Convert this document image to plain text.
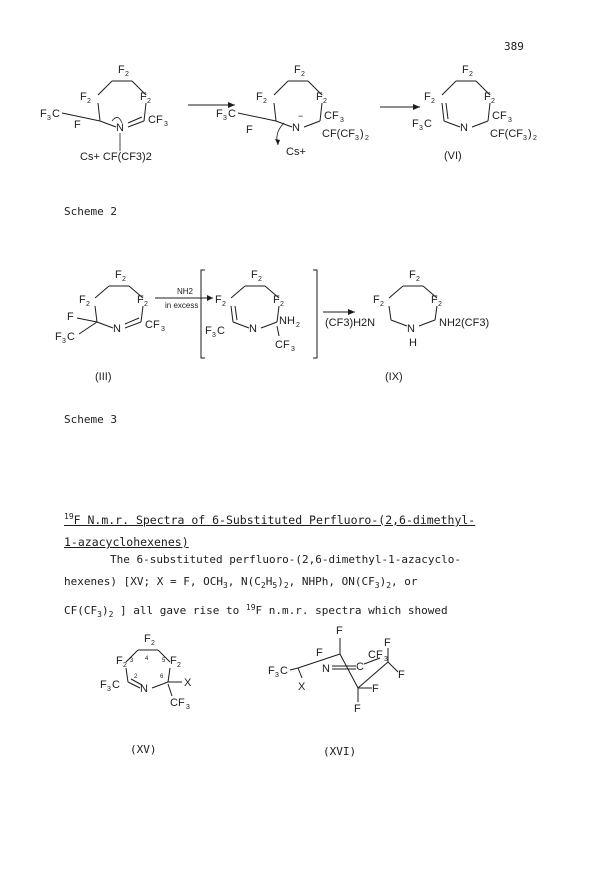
389
F 2
F 2	F 2
F 3 C
F	N
CF 3
Cs+ CF(CF3)2
F 2
F 2	F 2
F 3 C
F	N
− CF 3
CF(CF 3 ) 2
Cs+
F 2
F 2	F 2
F 3 C	N
CF 3
CF(CF 3 ) 2
(VI)
Scheme 2
F 2
F 2	F 2
F
F 3 C
N CF 3
(III)
NH2
in excess
F 2
F 2	F 2
F 3 C N
NH 2
CF 3
F 2
F 2	F 2
(CF3)H2N	N
H
NH2(CF3)
(IX)
Scheme 3
$^{19}$F N.m.r. Spectra of 6-Substituted Perfluoro-(2,6-dimethyl-
1-azacyclohexenes)
The 6-substituted perfluoro-(2,6-dimethyl-1-azacyclo-
hexenes) [XV; X = F, $OCH_3$, $N(C_2H_5)_2$, NHPh, $ON(CF_3)_2$, or
$CF(CF_3)_2$ ] all gave rise to $^{19}$F n.m.r. spectra which showed
F 2
F 2	F 2
3 4 5
2	6
F 3 C N	X
CF 3
(XV)
F
F
F 3 C
X
N C
CF 3
F
F
F
F
(XVI)
